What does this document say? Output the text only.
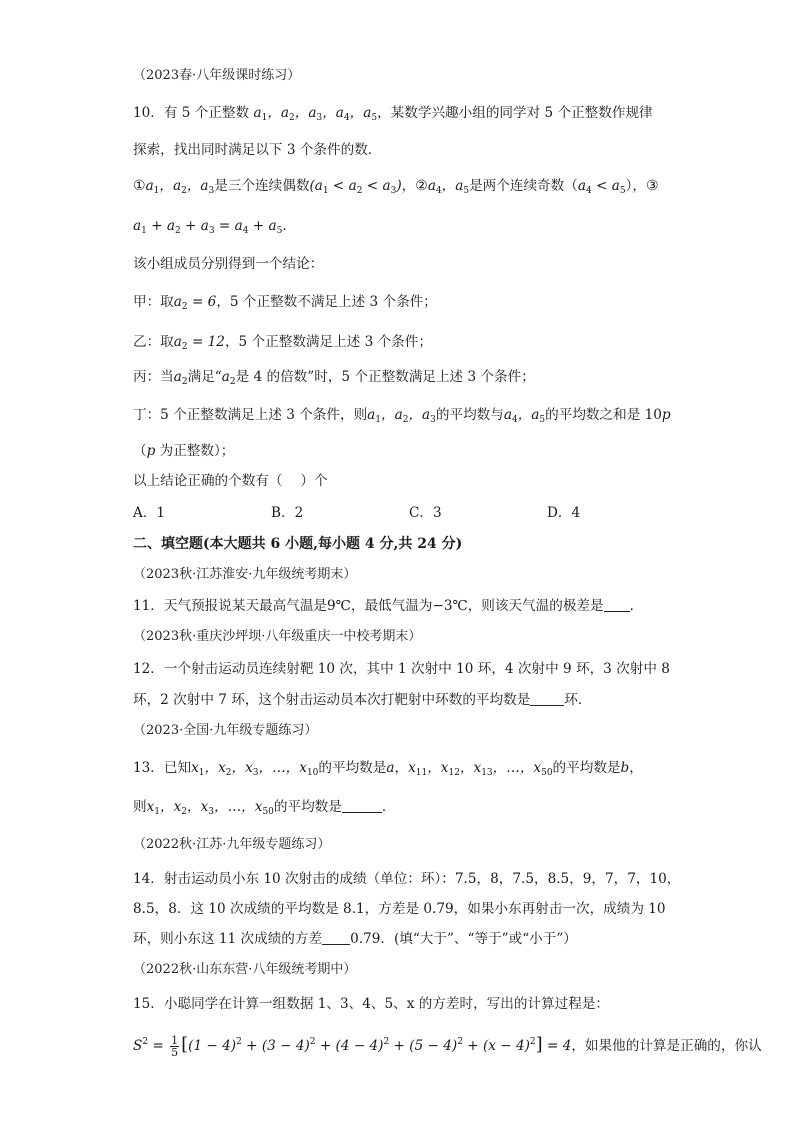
（2023春·八年级课时练习）
10．有 5 个正整数 $a_1$，$a_2$，$a_3$，$a_4$，$a_5$，某数学兴趣小组的同学对 5 个正整数作规律
探索，找出同时满足以下 3 个条件的数．
$①a_1$，$a_2$，$a_3$是三个连续偶数$(a_1 < a_2 < a_3)$，$②a_4$，$a_5$是两个连续奇数$(a_4 < a_5)$，③
$a_1 + a_2 + a_3 = a_4 + a_5$．
该小组成员分别得到一个结论：
甲：取$a_2 = 6$，5 个正整数不满足上述 3 个条件；
乙：取$a_2 = 12$，5 个正整数满足上述 3 个条件；
丙：当$a_2$满足“$a_2$是 4 的倍数”时，5 个正整数满足上述 3 个条件；
丁：5 个正整数满足上述 3 个条件，则$a_1$，$a_2$，$a_3$的平均数与$a_4$，$a_5$的平均数之和是 10p
（p 为正整数）；
以上结论正确的个数有（　 ）个
A．1	B．2	C．3	D．4
二、填空题(本大题共 6 小题,每小题 4 分,共 24 分)
（2023秋·江苏淮安·九年级统考期末）
11．天气预报说某天最高气温是9℃，最低气温为−3℃，则该天气温的极差是 ．
（2023秋·重庆沙坪坝·八年级重庆一中校考期末）
12．一个射击运动员连续射靶 10 次，其中 1 次射中 10 环，4 次射中 9 环，3 次射中 8
环，2 次射中 7 环，这个射击运动员本次打靶射中环数的平均数是	环．
（2023·全国·九年级专题练习）
13．已知$x_1$，$x_2$，$x_3$，…，$x_{10}$的平均数是a，$x_{11}$，$x_{12}$，$x_{13}$，…，$x_{50}$的平均数是b，
则$x_1$，$x_2$，$x_3$，…，$x_{50}$的平均数是	．
（2022秋·江苏·九年级专题练习）
14．射击运动员小东 10 次射击的成绩（单位：环）：7.5，8，7.5，8.5，9，7，7，10，
8.5，8．这 10 次成绩的平均数是 8.1，方差是 0.79，如果小东再射击一次，成绩为 10
环，则小东这 11 次成绩的方差 0.79．(填“大于”、“等于”或“小于”）
（2022秋·山东东营·八年级统考期中）
15．小聪同学在计算一组数据 1、3、4、5、x 的方差时，写出的计算过程是：
$S^2 = \frac{1}{5} [(1 - 4)^2 + (3 - 4)^2 + (4 - 4)^2 + (5 - 4)^2 + (x - 4)^2] = 4$，如果他的计算是正确的，你认
